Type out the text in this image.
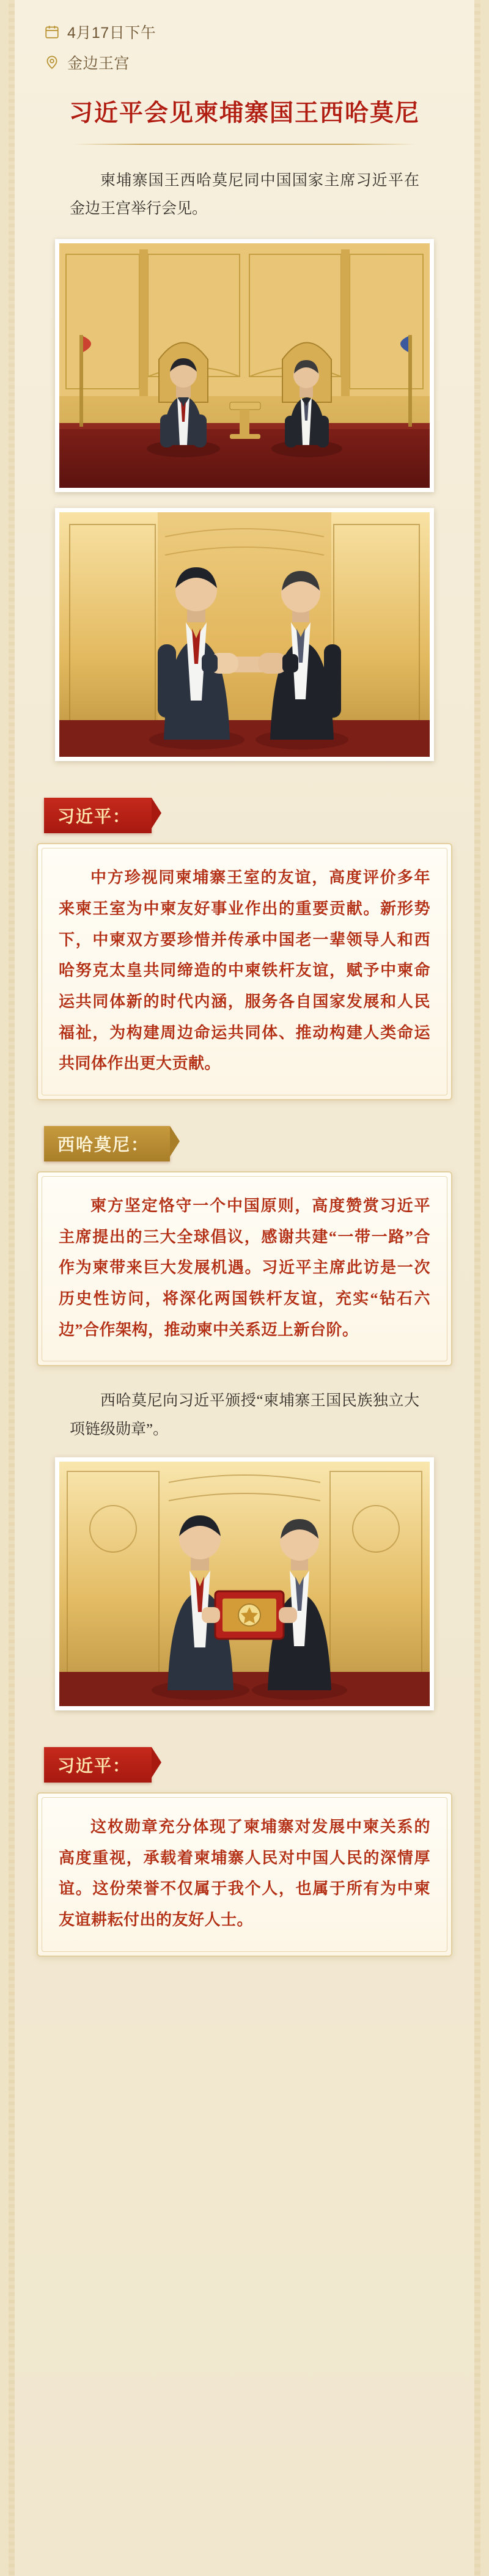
4月17日下午
金边王宫
习近平会见柬埔寨国王西哈莫尼
柬埔寨国王西哈莫尼同中国国家主席习近平在金边王宫举行会见。
习近平：
中方珍视同柬埔寨王室的友谊，高度评价多年来柬王室为中柬友好事业作出的重要贡献。新形势下，中柬双方要珍惜并传承中国老一辈领导人和西哈努克太皇共同缔造的中柬铁杆友谊，赋予中柬命运共同体新的时代内涵，服务各自国家发展和人民福祉，为构建周边命运共同体、推动构建人类命运共同体作出更大贡献。
西哈莫尼：
柬方坚定恪守一个中国原则，高度赞赏习近平主席提出的三大全球倡议，感谢共建“一带一路”合作为柬带来巨大发展机遇。习近平主席此访是一次历史性访问，将深化两国铁杆友谊，充实“钻石六边”合作架构，推动柬中关系迈上新台阶。
西哈莫尼向习近平颁授“柬埔寨王国民族独立大项链级勋章”。
习近平：
这枚勋章充分体现了柬埔寨对发展中柬关系的高度重视，承载着柬埔寨人民对中国人民的深情厚谊。这份荣誉不仅属于我个人，也属于所有为中柬友谊耕耘付出的友好人士。
